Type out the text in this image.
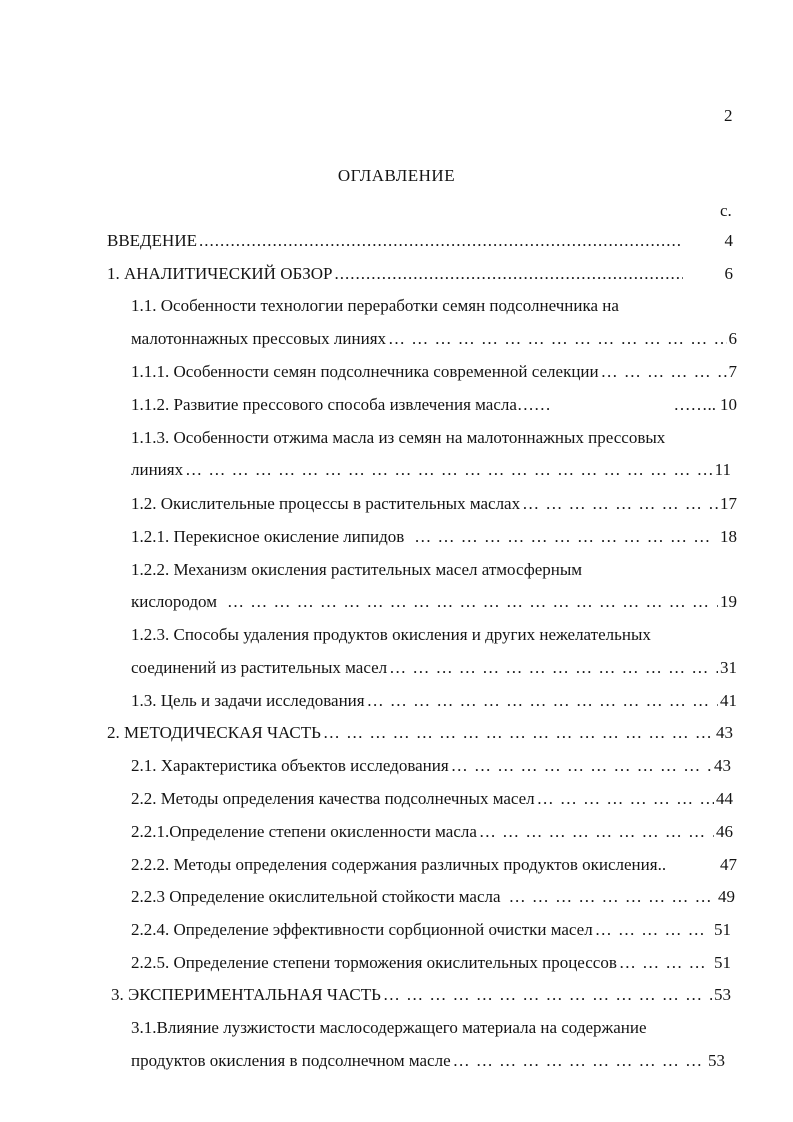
2
ОГЛАВЛЕНИЕ
с.
ВВЕДЕНИЕ .....	4
1. АНАЛИТИЧЕСКИЙ ОБЗОР .....	6
1.1. Особенности технологии переработки семян подсолнечника на
малотоннажных прессовых линиях … … … … … … … … … … … … … … … … … … … … … … … … … … … … … … … … … … … … … … … … … … … … … … … … … … … … … … … … … … … … … … … … … … … … … … … … …	6
1.1.1. Особенности семян подсолнечника современной селекции … … … … … … … … … … … … … … … … … … … … … … … … … … … … … … … … … … … … … … … … … … … … … … … … … … … … … … … … … … … … … … … … … … … … … … … … …	7
1.1.2. Развитие прессового способа извлечения масла……	…….. 10
1.1.3. Особенности отжима масла из семян на малотоннажных прессовых
линиях … … … … … … … … … … … … … … … … … … … … … … … … … … … … … … … … … … … … … … … … … … … … … … … … … … … … … … … … … … … … … … … … … … … … … … … … …	11
1.2. Окислительные процессы в растительных маслах … … … … … … … … … … … … … … … … … … … … … … … … … … … … … … … … … … … … … … … … … … … … … … … … … … … … … … … … … … … … … … … … … … … … … … … … …	17
1.2.1. Перекисное окисление липидов … … … … … … … … … … … … … … … … … … … … … … … … … … … … … … … … … … … … … … … … … … … … … … … … … … … … … … … … … … … … … … … … … … … … … … … … …	18
1.2.2. Механизм окисления растительных масел атмосферным
кислородом … … … … … … … … … … … … … … … … … … … … … … … … … … … … … … … … … … … … … … … … … … … … … … … … … … … … … … … … … … … … … … … … … … … … … … … … …	19
1.2.3. Способы удаления продуктов окисления и других нежелательных
соединений из растительных масел … … … … … … … … … … … … … … … … … … … … … … … … … … … … … … … … … … … … … … … … … … … … … … … … … … … … … … … … … … … … … … … … … … … … … … … … …	31
1.3. Цель и задачи исследования … … … … … … … … … … … … … … … … … … … … … … … … … … … … … … … … … … … … … … … … … … … … … … … … … … … … … … … … … … … … … … … … … … … … … … … … …	41
2. МЕТОДИЧЕСКАЯ ЧАСТЬ … … … … … … … … … … … … … … … … … … … … … … … … … … … … … … … … … … … … … … … … … … … … … … … … … … … … … … … … … … … … … … … … … … … … … … … … …	43
2.1. Характеристика объектов исследования … … … … … … … … … … … … … … … … … … … … … … … … … … … … … … … … … … … … … … … … … … … … … … … … … … … … … … … … … … … … … … … … … … … … … … … … …	43
2.2. Методы определения качества подсолнечных масел … … … … … … … … … … … … … … … … … … … … … … … … … … … … … … … … … … … … … … … … … … … … … … … … … … … … … … … … … … … … … … … … … … … … … … … … …	44
2.2.1.Определение степени окисленности масла … … … … … … … … … … … … … … … … … … … … … … … … … … … … … … … … … … … … … … … … … … … … … … … … … … … … … … … … … … … … … … … … … … … … … … … … …	46
2.2.2. Методы определения содержания различных продуктов окисления..	47
2.2.3 Определение окислительной стойкости масла … … … … … … … … … … … … … … … … … … … … … … … … … … … … … … … … … … … … … … … … … … … … … … … … … … … … … … … … … … … … … … … … … … … … … … … … …	49
2.2.4. Определение эффективности сорбционной очистки масел … … … … … … … … … … … … … … … … … … … … … … … … … … … … … … … … … … … … … … … … … … … … … … … … … … … … … … … … … … … … … … … … … … … … … … … … …	51
2.2.5. Определение степени торможения окислительных процессов … … … … … … … … … … … … … … … … … … … … … … … … … … … … … … … … … … … … … … … … … … … … … … … … … … … … … … … … … … … … … … … … … … … … … … … … …	51
3. ЭКСПЕРИМЕНТАЛЬНАЯ ЧАСТЬ … … … … … … … … … … … … … … … … … … … … … … … … … … … … … … … … … … … … … … … … … … … … … … … … … … … … … … … … … … … … … … … … … … … … … … … … …	53
3.1.Влияние лузжистости маслосодержащего материала на содержание
продуктов окисления в подсолнечном масле … … … … … … … … … … … … … … … … … … … … … … … … … … … … … … … … … … … … … … … … … … … … … … … … … … … … … … … … … … … … … … … … … … … … … … … … …	53
